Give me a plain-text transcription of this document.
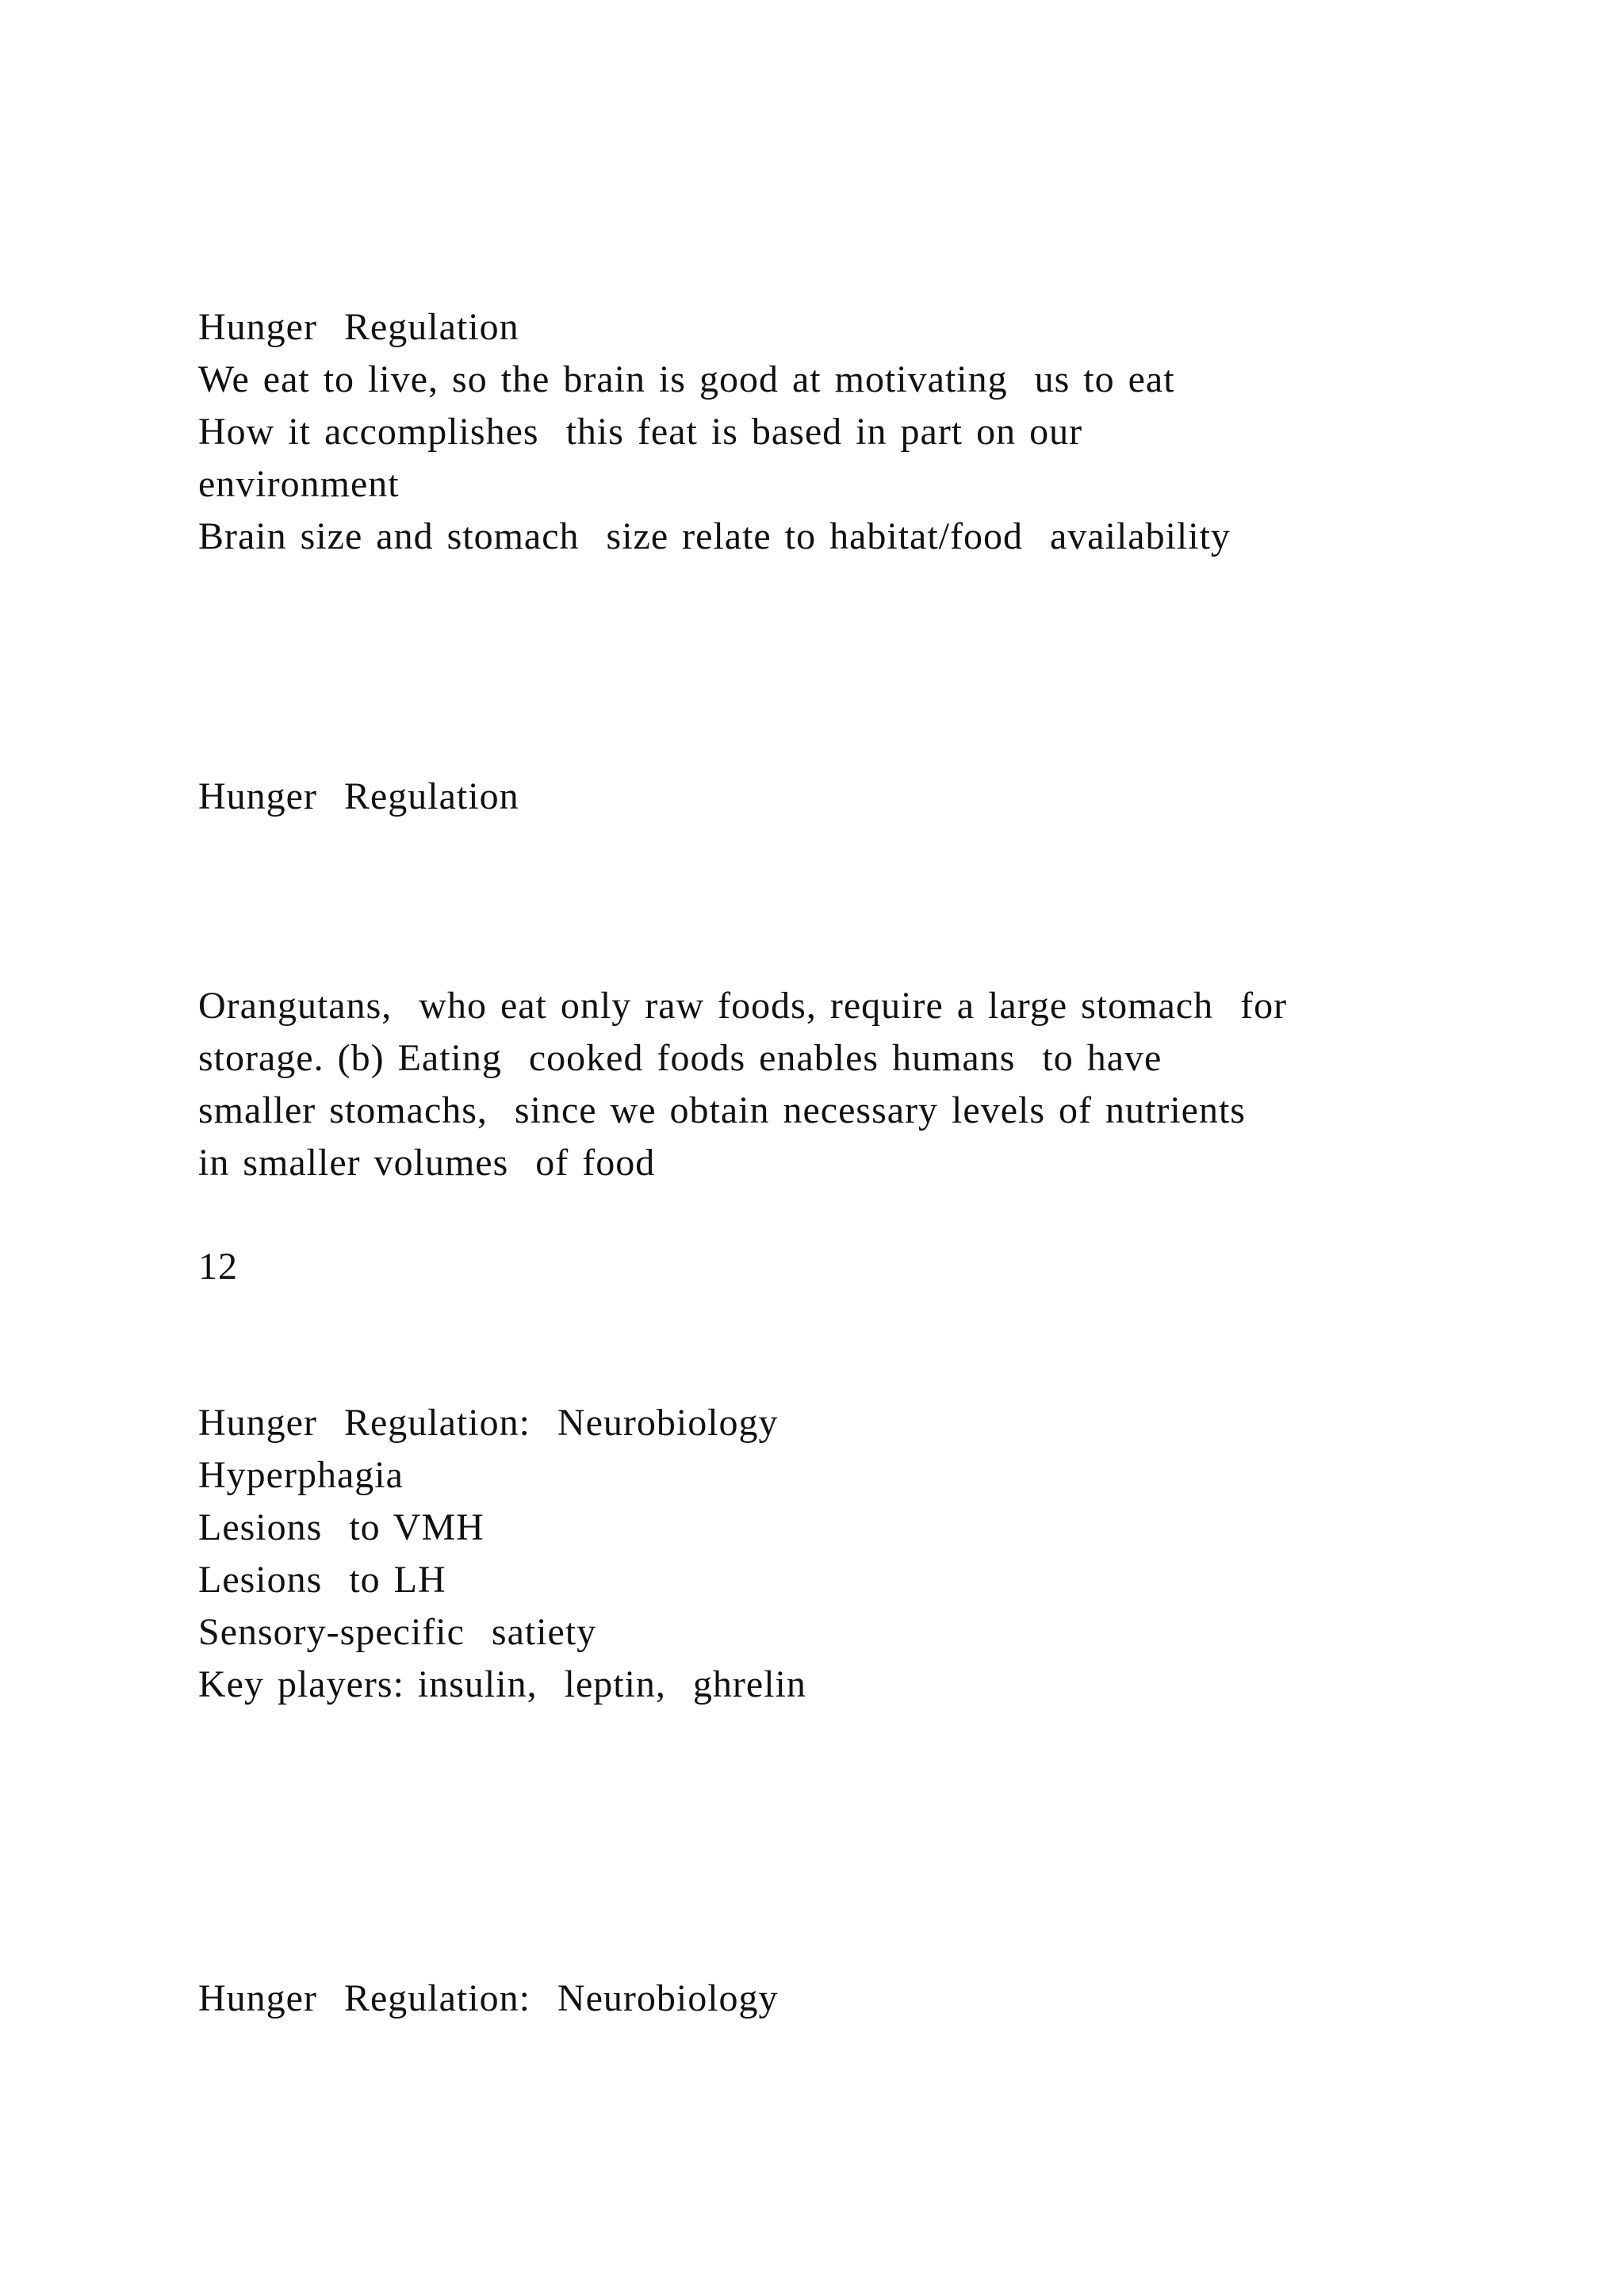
Hunger  Regulation
We eat to live, so the brain is good at motivating  us to eat
How it accomplishes  this feat is based in part on our
environment
Brain size and stomach  size relate to habitat/food  availability
Hunger  Regulation
Orangutans,  who eat only raw foods, require a large stomach  for
storage. (b) Eating  cooked foods enables humans  to have
smaller stomachs,  since we obtain necessary levels of nutrients
in smaller volumes  of food
12
Hunger  Regulation:  Neurobiology
Hyperphagia
Lesions  to VMH
Lesions  to LH
Sensory-specific  satiety
Key players: insulin,  leptin,  ghrelin
Hunger  Regulation:  Neurobiology
